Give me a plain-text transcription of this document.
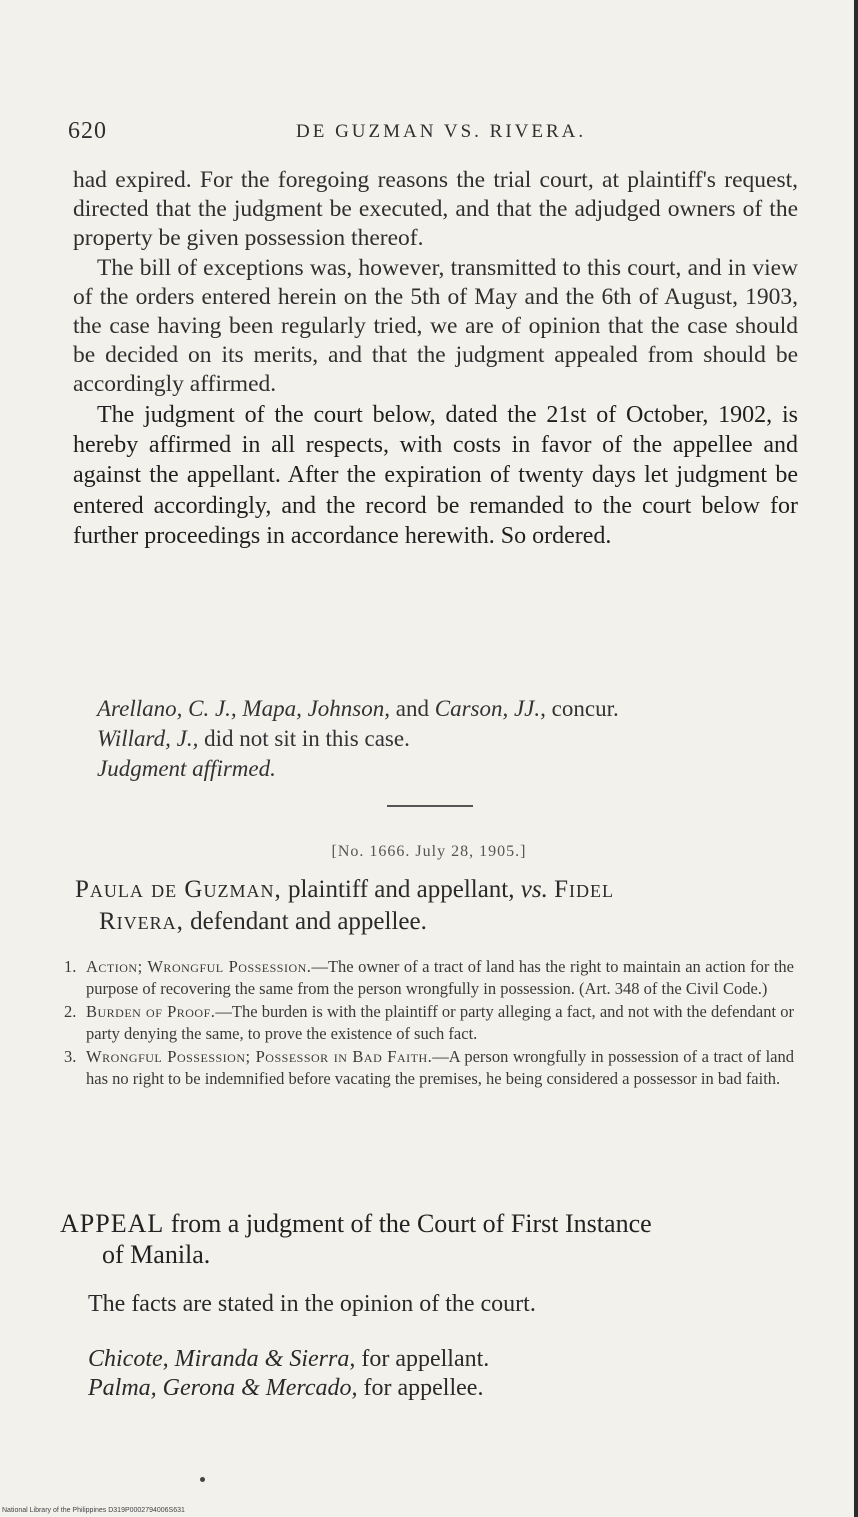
620	DE GUZMAN VS. RIVERA.

had expired. For the foregoing reasons the trial court, at plaintiff's request, directed that the judgment be executed, and that the adjudged owners of the property be given possession thereof.

The bill of exceptions was, however, transmitted to this court, and in view of the orders entered herein on the 5th of May and the 6th of August, 1903, the case having been regularly tried, we are of opinion that the case should be decided on its merits, and that the judgment appealed from should be accordingly affirmed.

The judgment of the court below, dated the 21st of October, 1902, is hereby affirmed in all respects, with costs in favor of the appellee and against the appellant. After the expiration of twenty days let judgment be entered accordingly, and the record be remanded to the court below for further proceedings in accordance herewith. So ordered.

Arellano, C. J., Mapa, Johnson, and Carson, JJ., concur.
Willard, J., did not sit in this case.
Judgment affirmed.
[No. 1666. July 28, 1905.]
Paula de Guzman, plaintiff and appellant, vs. Fidel
Rivera, defendant and appellee.
1. Action; Wrongful Possession.—The owner of a tract of land has the right to maintain an action for the purpose of recovering the same from the person wrongfully in possession. (Art. 348 of the Civil Code.)
2. Burden of Proof.—The burden is with the plaintiff or party alleging a fact, and not with the defendant or party denying the same, to prove the existence of such fact.
3. Wrongful Possession; Possessor in Bad Faith.—A person wrongfully in possession of a tract of land has no right to be indemnified before vacating the premises, he being considered a possessor in bad faith.
APPEAL from a judgment of the Court of First Instance
of Manila.
The facts are stated in the opinion of the court.
Chicote, Miranda & Sierra, for appellant.
Palma, Gerona & Mercado, for appellee.
National Library of the Philippines D319P0002794006S631
